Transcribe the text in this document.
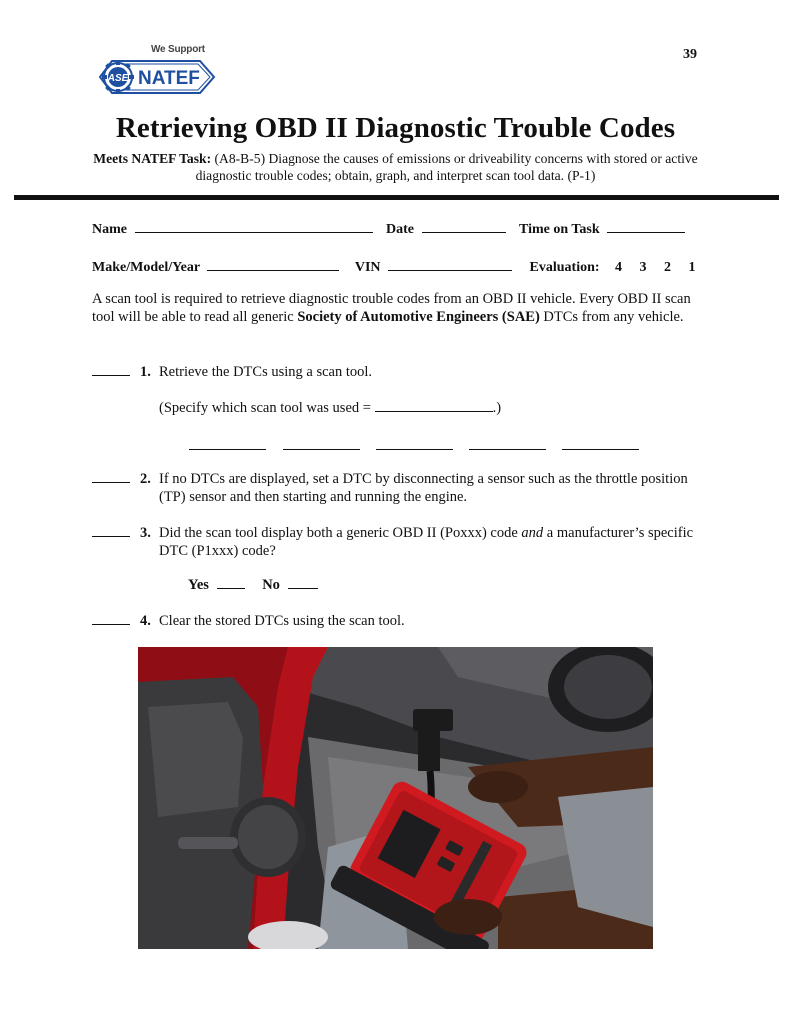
We Support
ASE NATEF
39
Retrieving OBD II Diagnostic Trouble Codes
Meets NATEF Task: (A8-B-5) Diagnose the causes of emissions or driveability concerns with stored or active diagnostic trouble codes; obtain, graph, and interpret scan tool data. (P-1)
Name	Date	Time on Task
Make/Model/Year	VIN	Evaluation: 4 3 2 1
A scan tool is required to retrieve diagnostic trouble codes from an OBD II vehicle. Every OBD II scan tool will be able to read all generic Society of Automotive Engineers (SAE) DTCs from any vehicle.
1. Retrieve the DTCs using a scan tool.
(Specify which scan tool was used =	.)
2. If no DTCs are displayed, set a DTC by disconnecting a sensor such as the throttle position (TP) sensor and then starting and running the engine.
3. Did the scan tool display both a generic OBD II (Poxxx) code and a manufacturer’s specific DTC (P1xxx) code?
Yes	No
4. Clear the stored DTCs using the scan tool.
